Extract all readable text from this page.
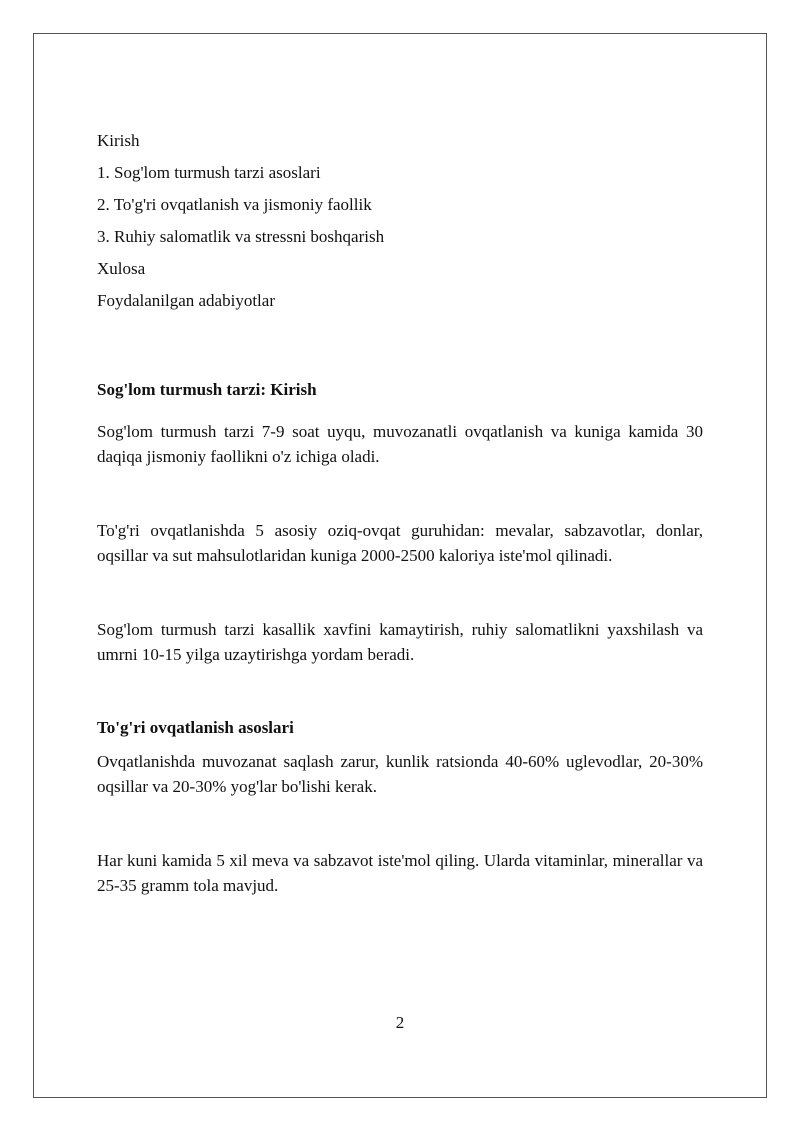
Kirish

1. Sog'lom turmush tarzi asoslari

2. To'g'ri ovqatlanish va jismoniy faollik

3. Ruhiy salomatlik va stressni boshqarish

Xulosa

Foydalanilgan adabiyotlar

Sog'lom turmush tarzi: Kirish

Sog'lom turmush tarzi 7-9 soat uyqu, muvozanatli ovqatlanish va kuniga kamida 30 daqiqa jismoniy faollikni o'z ichiga oladi.

To'g'ri ovqatlanishda 5 asosiy oziq-ovqat guruhidan: mevalar, sabzavotlar, donlar, oqsillar va sut mahsulotlaridan kuniga 2000-2500 kaloriya iste'mol qilinadi.

Sog'lom turmush tarzi kasallik xavfini kamaytirish, ruhiy salomatlikni yaxshilash va umrni 10-15 yilga uzaytirishga yordam beradi.

To'g'ri ovqatlanish asoslari

Ovqatlanishda muvozanat saqlash zarur, kunlik ratsionda 40-60% uglevodlar, 20-30% oqsillar va 20-30% yog'lar bo'lishi kerak.

Har kuni kamida 5 xil meva va sabzavot iste'mol qiling. Ularda vitaminlar, minerallar va 25-35 gramm tola mavjud.

2
